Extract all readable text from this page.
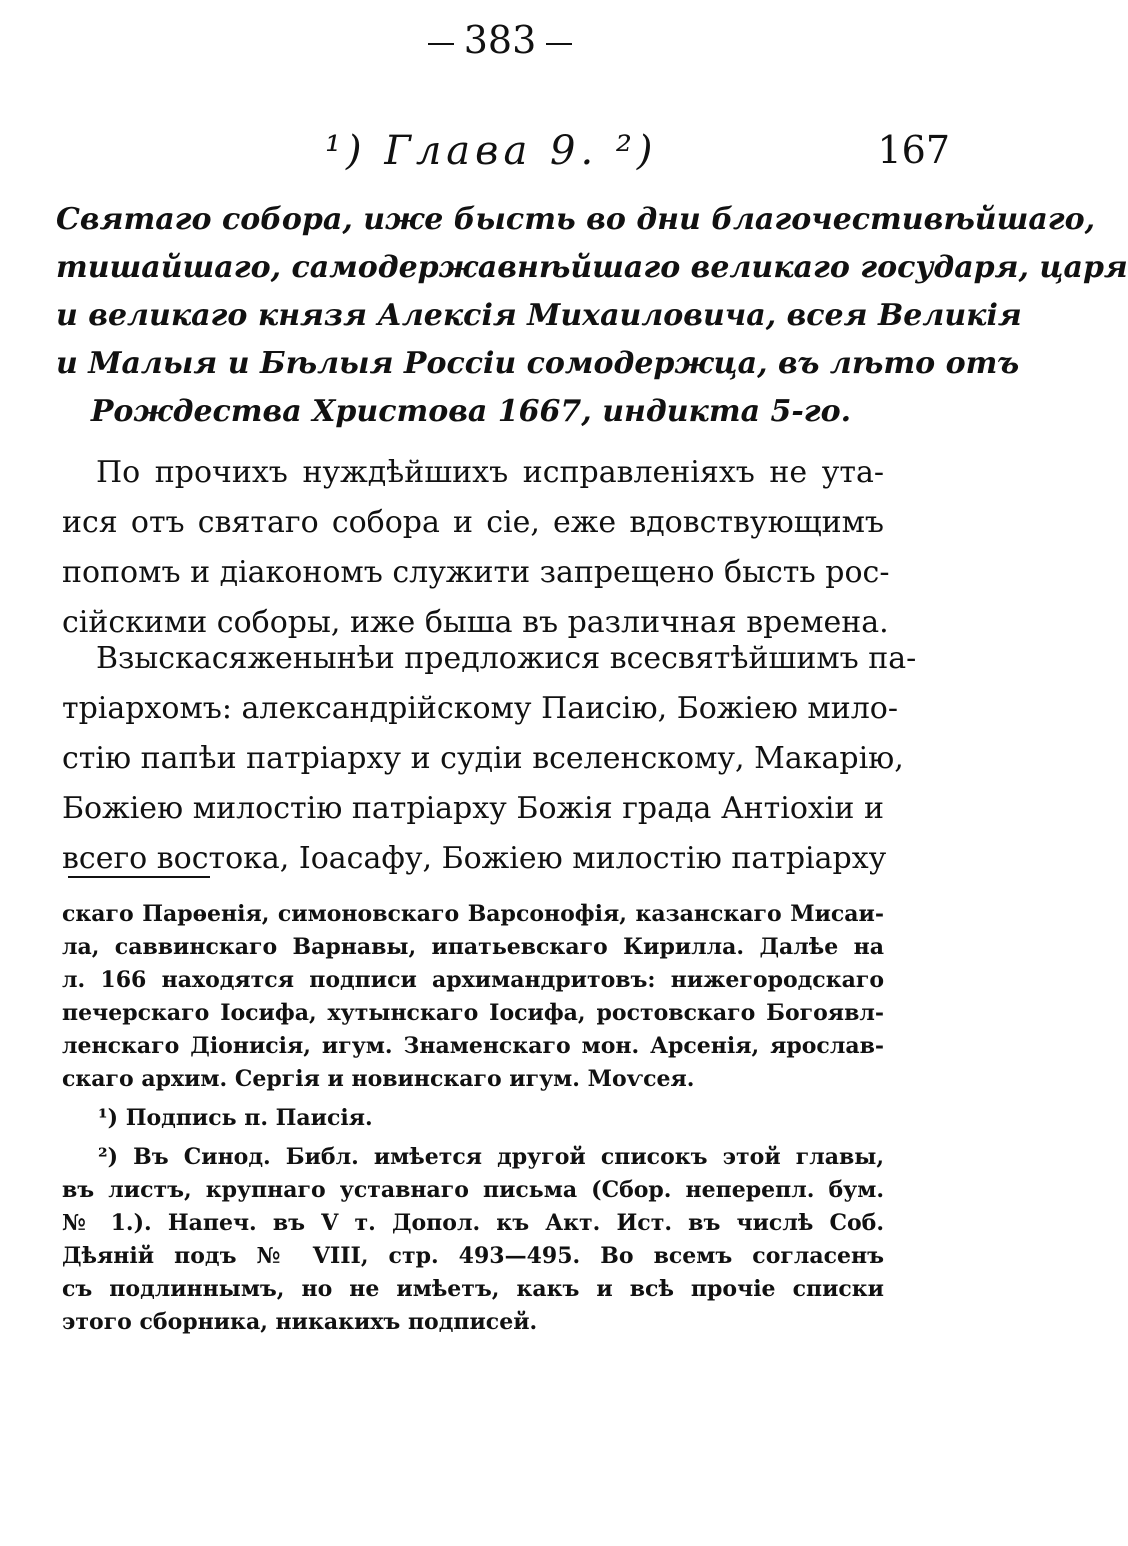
383
¹) Глава 9. ²)	167
Святаго собора, иже бысть во дни благочестивѣйшаго,
тишайшаго, самодержавнѣйшаго великаго государя, царя
и великаго князя Алексія Михаиловича, всея Великія
и Малыя и Бѣлыя Россіи сомодержца, въ лѣто отъ
Рождества Христова 1667, индикта 5-го.
По прочихъ нуждѣйшихъ исправленіяхъ не ута-
ися отъ святаго собора и сіе, еже вдовствующимъ
попомъ и діакономъ служити запрещено бысть рос-
сійскими соборы, иже быша въ различная времена.
Взыскасяженынѣи предложися всесвятѣйшимъ па-
тріархомъ: александрійскому Паисію, Божіею мило-
стію папѣи патріарху и судіи вселенскому, Макарію,
Божіею милостію патріарху Божія града Антіохіи и
всего востока, Іоасафу, Божіею милостію патріарху
скаго Парѳенія, симоновскаго Варсонофія, казанскаго Мисаи-
ла, саввинскаго Варнавы, ипатьевскаго Кирилла. Далѣе на
л. 166 находятся подписи архимандритовъ: нижегородскаго
печерскаго Іосифа, хутынскаго Іосифа, ростовскаго Богоявл-
ленскаго Діонисія, игум. Знаменскаго мон. Арсенія, ярослав-
скаго архим. Сергія и новинскаго игум. Моѵсея.
¹) Подпись п. Паисія.
²) Въ Синод. Библ. имѣется другой списокъ этой главы,
въ листъ, крупнаго уставнаго письма (Сбор. неперепл. бум.
№ 1.). Напеч. въ V т. Допол. къ Акт. Ист. въ числѣ Соб.
Дѣяній подъ № VIII, стр. 493—495. Во всемъ согласенъ
съ подлиннымъ, но не имѣетъ, какъ и всѣ прочіе списки
этого сборника, никакихъ подписей.
